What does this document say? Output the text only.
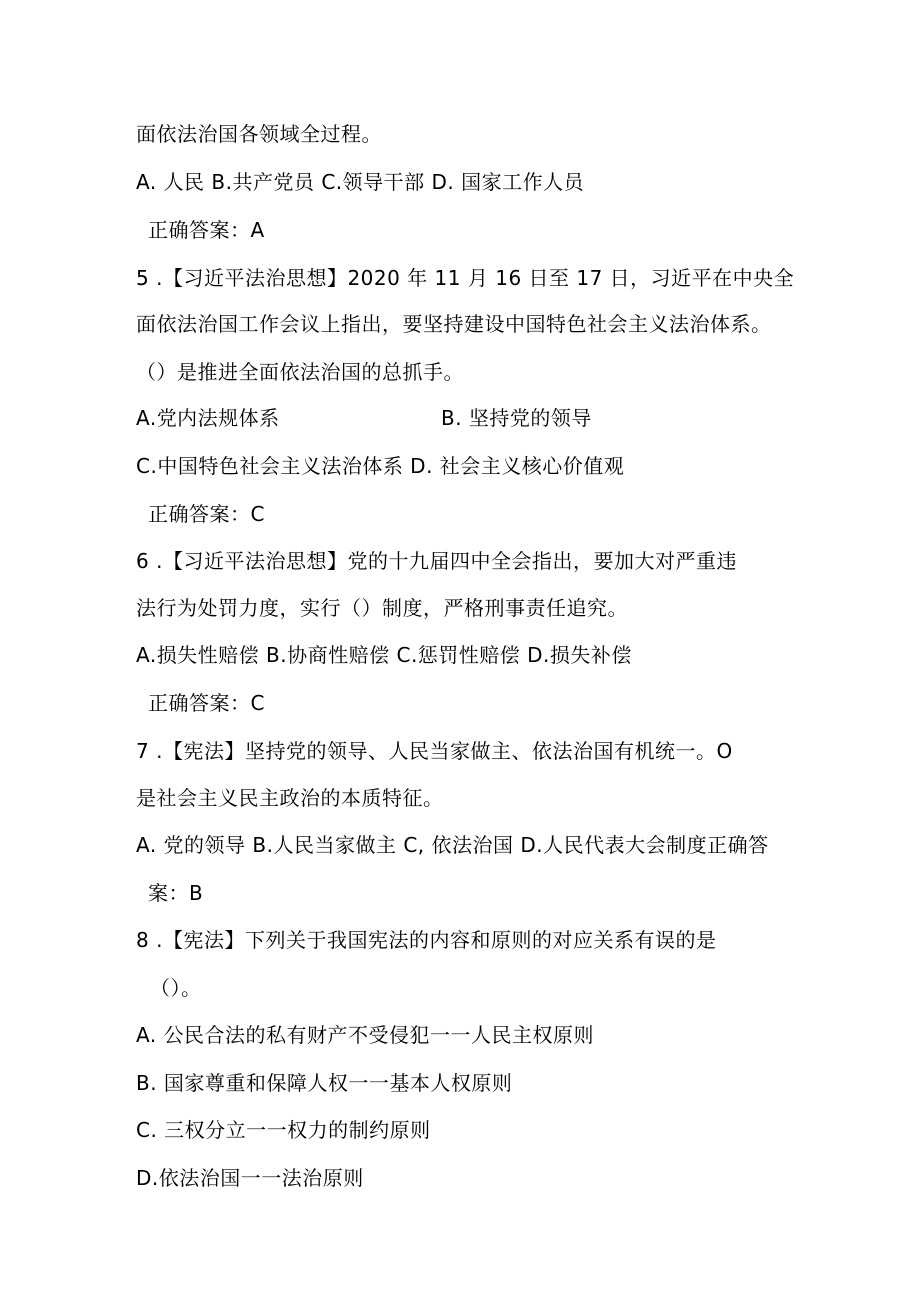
面依法治国各领域全过程。
A. 人民 B.共产党员 C.领导干部 D. 国家工作人员
正确答案：A
5 .【习近平法治思想】2020 年 11 月 16 日至 17 日，习近平在中央全
面依法治国工作会议上指出，要坚持建设中国特色社会主义法治体系。
（）是推进全面依法治国的总抓手。
A.党内法规体系	B. 坚持党的领导
C.中国特色社会主义法治体系 D. 社会主义核心价值观
正确答案：C
6 .【习近平法治思想】党的十九届四中全会指出，要加大对严重违
法行为处罚力度，实行（）制度，严格刑事责任追究。
A.损失性赔偿 B.协商性赔偿 C.惩罚性赔偿 D.损失补偿
正确答案：C
7 .【宪法】坚持党的领导、人民当家做主、依法治国有机统一。O
是社会主义民主政治的本质特征。
A. 党的领导 B.人民当家做主 C, 依法治国 D.人民代表大会制度正确答
案：B
8 .【宪法】下列关于我国宪法的内容和原则的对应关系有误的是
（）。
A. 公民合法的私有财产不受侵犯一一人民主权原则
B. 国家尊重和保障人权一一基本人权原则
C. 三权分立一一权力的制约原则
D.依法治国一一法治原则
